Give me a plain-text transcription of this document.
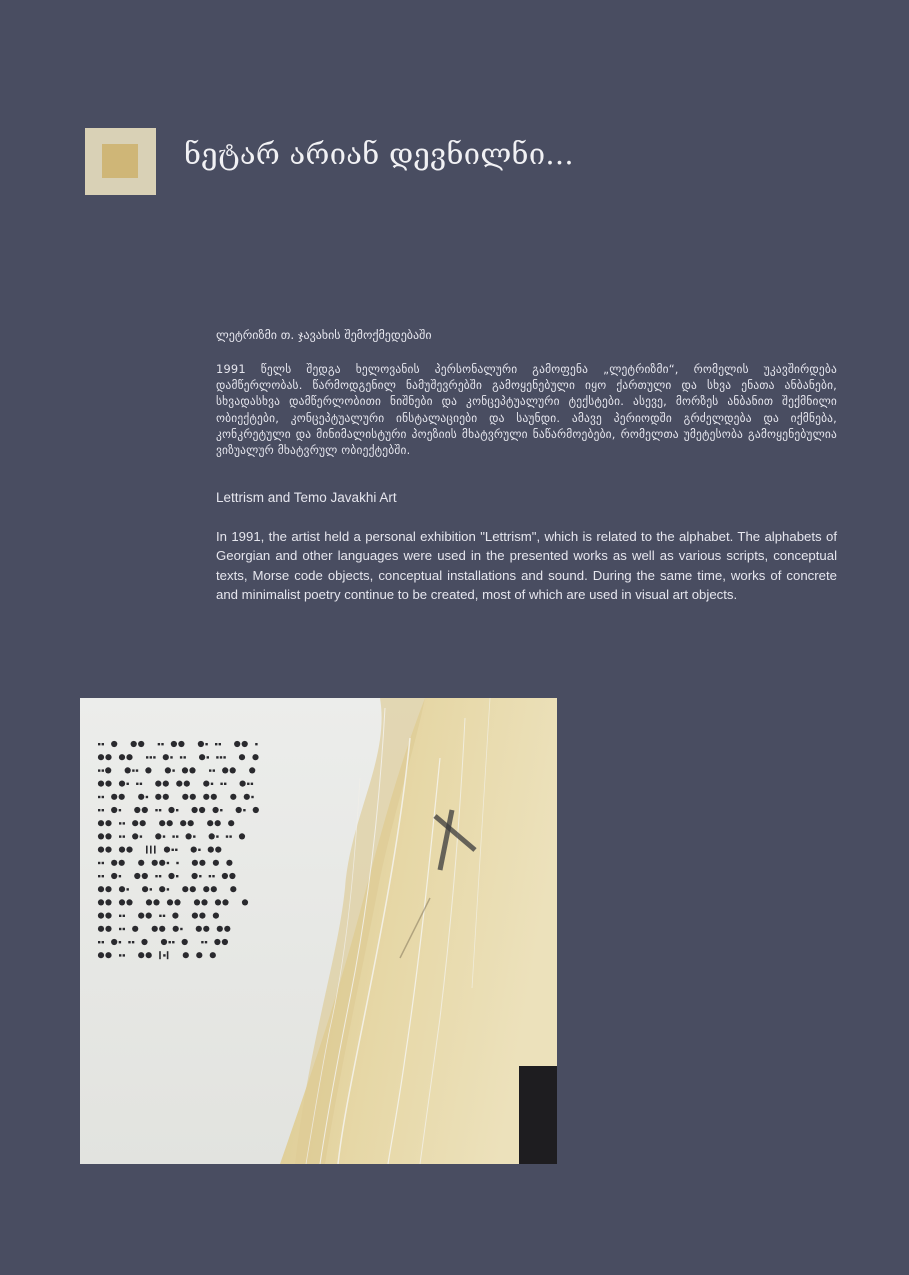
ნეტარ არიან დევნილნი...

ლეტრიზმი თ. ჯავახის შემოქმედებაში

1991 წელს შედგა ხელოვანის პერსონალური გამოფენა „ლეტრიზმი“, რომელის უკავშირდება დამწერლობას. წარმოდგენილ ნამუშევრებში გამოყენებული იყო ქართული და სხვა ენათა ანბანები, სხვადასხვა დამწერლობითი ნიშნები და კონცეპტუალური ტექსტები. ასევე, მორზეს ანბანით შექმნილი ობიექტები, კონცეპტუალური ინსტალაციები და საუნდი. ამავე პერიოდში გრძელდება და იქმნება, კონკრეტული და მინიმალისტური პოეზიის მხატვრული ნაწარმოებები, რომელთა უმეტესობა გამოყენებულია ვიზუალურ მხატვრულ ობიექტებში.

Lettrism and Temo Javakhi Art

In 1991, the artist held a personal exhibition "Lettrism", which is related to the alphabet. The alphabets of Georgian and other languages were used in the presented works as well as various scripts, conceptual texts, Morse code objects, conceptual installations and sound. During the same time, works of concrete and minimalist poetry continue to be created, most of which are used in visual art objects.
